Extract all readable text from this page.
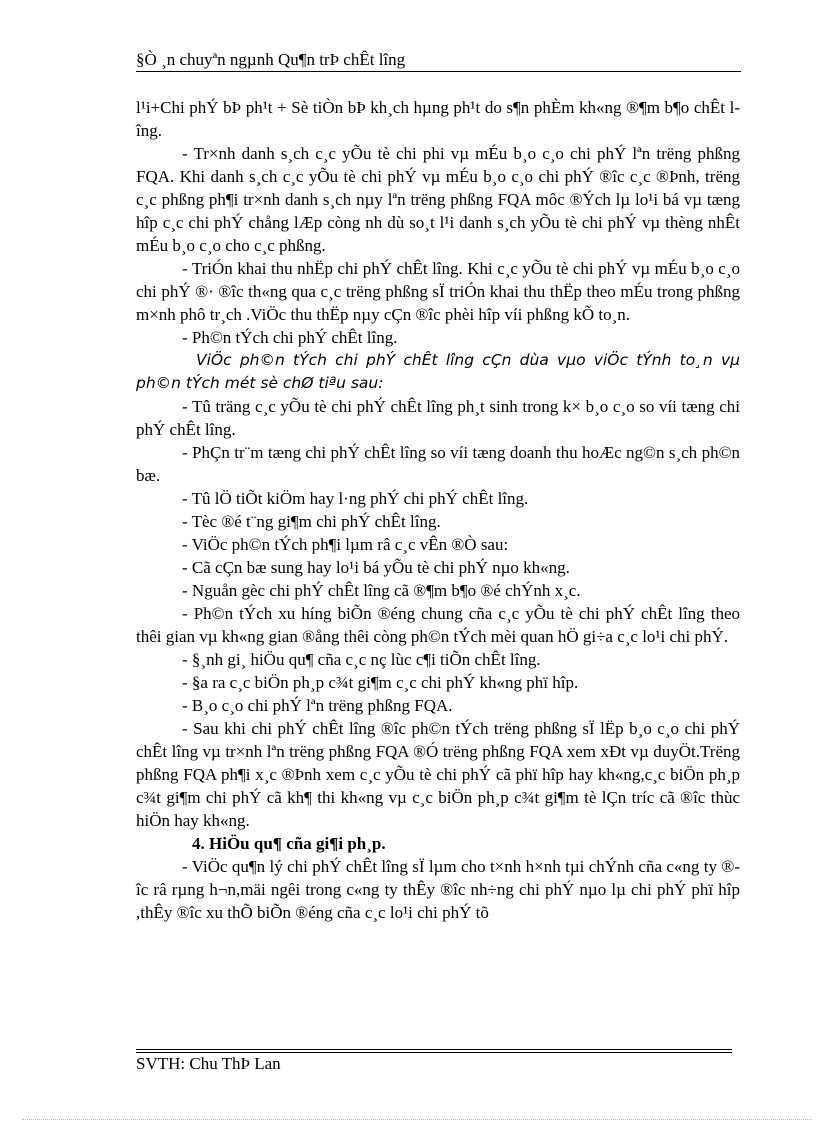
§Ò ¸n chuyªn ngµnh Qu¶n trÞ chÊt lîng

l¹i+Chi phÝ bÞ ph¹t + Sè tiÒn bÞ kh¸ch hµng ph¹t do s¶n phÈm kh«ng ®¶m b¶o chÊt lîng.

- Tr×nh danh s¸ch c¸c yÕu tè chi phi vµ mÉu b¸o c¸o chi phÝ lªn trëng phßng FQA. Khi danh s¸ch c¸c yÕu tè chi phÝ vµ mÉu b¸o c¸o chi phÝ ®îc c¸c ®Þnh, trëng c¸c phßng ph¶i tr×nh danh s¸ch nµy lªn trëng phßng FQA môc ®Ých lµ lo¹i bá vµ tæng hîp c¸c chi phÝ chång lÆp còng nh dù so¸t l¹i danh s¸ch yÕu tè chi phÝ vµ thèng nhÊt mÉu b¸o c¸o cho c¸c phßng.

- TriÓn khai thu nhËp chi phÝ chÊt lîng. Khi c¸c yÕu tè chi phÝ vµ mÉu b¸o c¸o chi phÝ ®· ®îc th«ng qua c¸c trëng phßng sÏ triÓn khai thu thËp theo mÉu trong phßng m×nh phô tr¸ch .ViÖc thu thËp nµy cÇn ®îc phèi hîp víi phßng kÕ to¸n.

- Ph©n tÝch chi phÝ chÊt lîng.

ViÖc ph©n tÝch chi phÝ chÊt lîng cÇn dùa vµo viÖc tÝnh to¸n vµ ph©n tÝch mét sè chØ tiªu sau:

- Tû träng c¸c yÕu tè chi phÝ chÊt lîng ph¸t sinh trong k× b¸o c¸o so víi tæng chi phÝ chÊt lîng.

- PhÇn tr¨m tæng chi phÝ chÊt lîng so víi tæng doanh thu hoÆc ng©n s¸ch ph©n bæ.

- Tû lÖ tiÕt kiÖm hay l·ng phÝ chi phÝ chÊt lîng.

- Tèc ®é t¨ng gi¶m chi phÝ chÊt lîng.

- ViÖc ph©n tÝch ph¶i lµm râ c¸c vÊn ®Ò sau:

- Cã cÇn bæ sung hay lo¹i bá yÕu tè chi phÝ nµo kh«ng.

- Nguån gèc chi phÝ chÊt lîng cã ®¶m b¶o ®é chÝnh x¸c.

- Ph©n tÝch xu híng biÕn ®éng chung cña c¸c yÕu tè chi phÝ chÊt lîng theo thêi gian vµ kh«ng gian ®ång thêi còng ph©n tÝch mèi quan hÖ gi÷a c¸c lo¹i chi phÝ.

- §¸nh gi¸ hiÖu qu¶ cña c¸c nç lùc c¶i tiÕn chÊt lîng.

- §a ra c¸c biÖn ph¸p c¾t gi¶m c¸c chi phÝ kh«ng phï hîp.

- B¸o c¸o chi phÝ lªn trëng phßng FQA.

- Sau khi chi phÝ chÊt lîng ®îc ph©n tÝch trëng phßng sÏ lËp b¸o c¸o chi phÝ chÊt lîng vµ tr×nh lªn trëng phßng FQA ®Ó trëng phßng FQA xem xÐt vµ duyÖt.Trëng phßng FQA ph¶i x¸c ®Þnh xem c¸c yÕu tè chi phÝ cã phï hîp hay kh«ng,c¸c biÖn ph¸p c¾t gi¶m chi phÝ cã kh¶ thi kh«ng vµ c¸c biÖn ph¸p c¾t gi¶m tè lÇn tríc cã ®îc thùc hiÖn hay kh«ng.

4. HiÖu qu¶ cña gi¶i ph¸p.

- ViÖc qu¶n lý chi phÝ chÊt lîng sÏ lµm cho t×nh h×nh tµi chÝnh cña c«ng ty ®îc râ rµng h¬n,mäi ngêi trong c«ng ty thÊy ®îc nh÷ng chi phÝ nµo lµ chi phÝ phï hîp ,thÊy ®îc xu thÕ biÕn ®éng cña c¸c lo¹i chi phÝ tõ

SVTH: Chu ThÞ Lan
